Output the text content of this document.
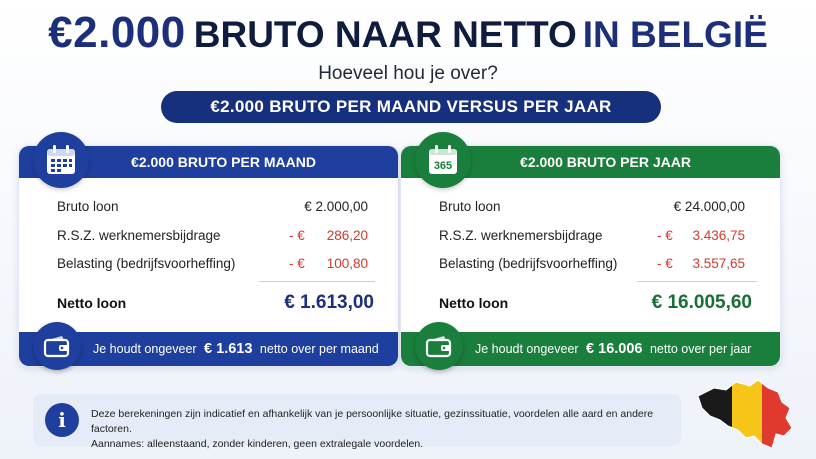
€2.000 BRUTO NAAR NETTO IN BELGIË
Hoeveel hou je over?
€2.000 BRUTO PER MAAND VERSUS PER JAAR
€2.000 BRUTO PER MAAND
Bruto loon	€ 2.000,00
R.S.Z. werknemersbijdrage	- € 286,20
Belasting (bedrijfsvoorheffing)	- € 100,80
Netto loon	€ 1.613,00
Je houdt ongeveer € 1.613 netto over per maand
€2.000 BRUTO PER JAAR
365
Bruto loon	€ 24.000,00
R.S.Z. werknemersbijdrage	- € 3.436,75
Belasting (bedrijfsvoorheffing)	- € 3.557,65
Netto loon	€ 16.005,60
Je houdt ongeveer € 16.006 netto over per jaar
i	Deze berekeningen zijn indicatief en afhankelijk van je persoonlijke situatie, gezinssituatie, voordelen alle aard en andere factoren.
Aannames: alleenstaand, zonder kinderen, geen extralegale voordelen.
